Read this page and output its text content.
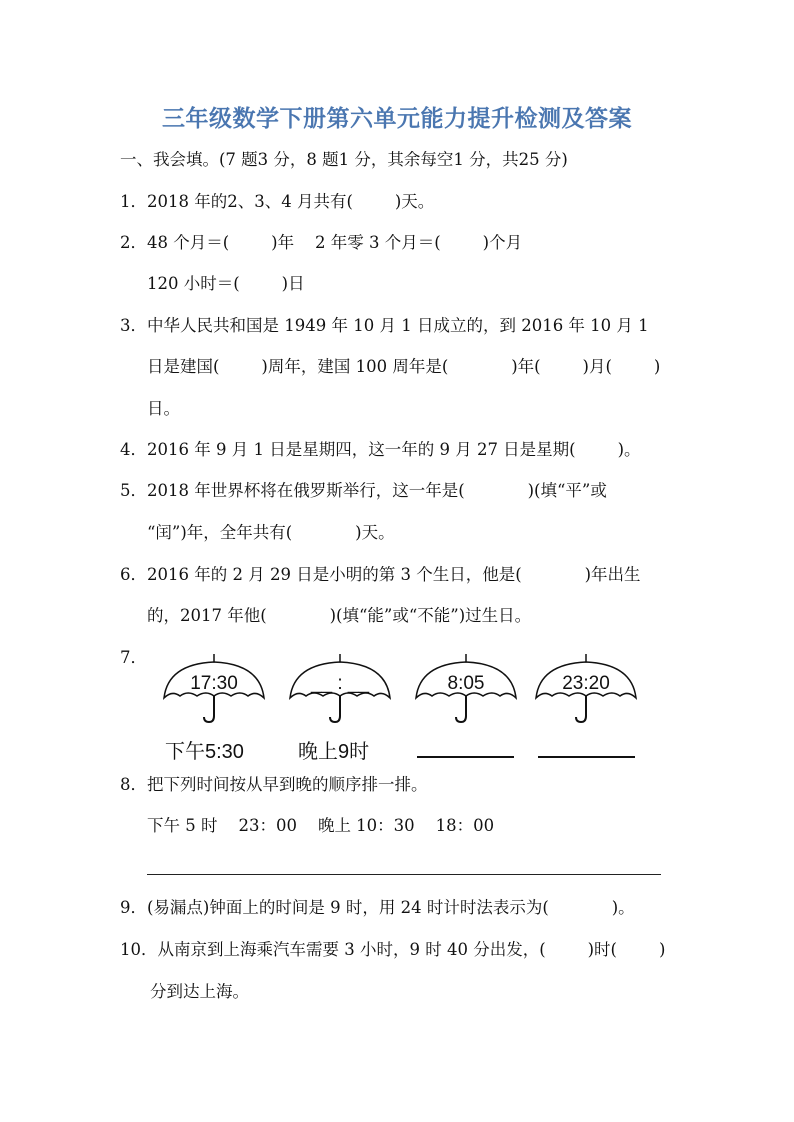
三年级数学下册第六单元能力提升检测及答案
一、我会填。(7 题3 分，8 题1 分，其余每空1 分，共25 分)
1．2018 年的2、3、4 月共有(        )天。
2．48 个月＝(        )年    2 年零 3 个月＝(        )个月
120 小时＝(        )日
3．中华人民共和国是 1949 年 10 月 1 日成立的，到 2016 年 10 月 1
日是建国(        )周年，建国 100 周年是(            )年(        )月(        )
日。
4．2016 年 9 月 1 日是星期四，这一年的 9 月 27 日是星期(        )。
5．2018 年世界杯将在俄罗斯举行，这一年是(            )(填“平”或
“闰”)年，全年共有(            )天。
6．2016 年的 2 月 29 日是小明的第 3 个生日，他是(            )年出生
的，2017 年他(            )(填“能”或“不能”)过生日。
7．
17:30	__ : __	8:05	23:20
下午5:30	晚上9时
8．把下列时间按从早到晚的顺序排一排。
下午 5 时    23：00    晚上 10：30    18：00
9．(易漏点)钟面上的时间是 9 时，用 24 时计时法表示为(            )。
10．从南京到上海乘汽车需要 3 小时，9 时 40 分出发，(        )时(        )
分到达上海。
